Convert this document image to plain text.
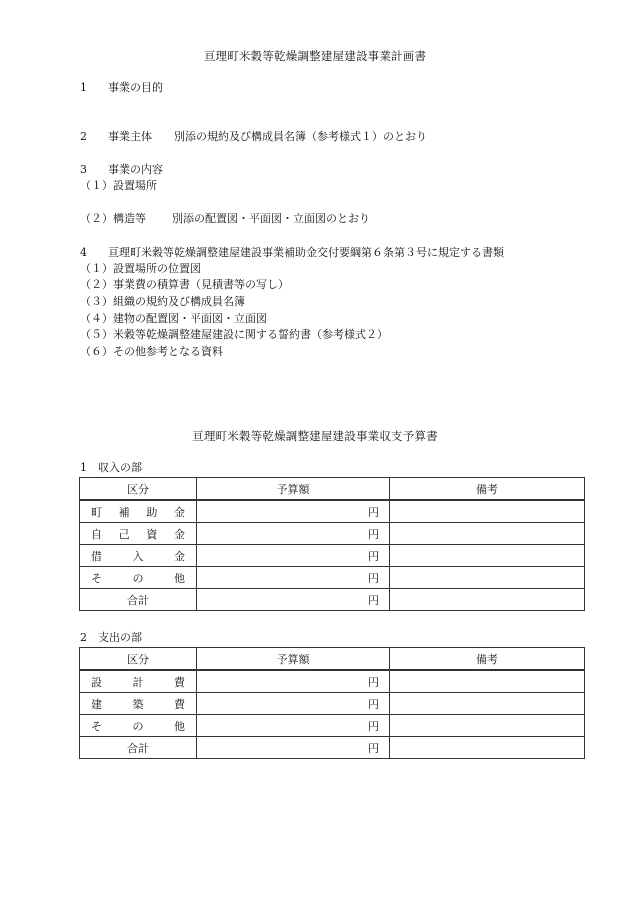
亘理町米穀等乾燥調整建屋建設事業計画書
1 事業の目的
2 事業主体 別添の規約及び構成員名簿（参考様式１）のとおり
3 事業の内容
（１）設置場所
（２）構造等 別添の配置図・平面図・立面図のとおり
4 亘理町米穀等乾燥調整建屋建設事業補助金交付要綱第６条第３号に規定する書類
（１）設置場所の位置図
（２）事業費の積算書（見積書等の写し）
（３）組織の規約及び構成員名簿
（４）建物の配置図・平面図・立面図
（５）米穀等乾燥調整建屋建設に関する誓約書（参考様式２）
（６）その他参考となる資料
亘理町米穀等乾燥調整建屋建設事業収支予算書
1　収入の部
区分	予算額	備考
町補助金	円	
自己資金	円	
借入金	円	
その他	円	
合計	円	
2　支出の部
区分	予算額	備考
設計費	円	
建築費	円	
その他	円	
合計	円	
